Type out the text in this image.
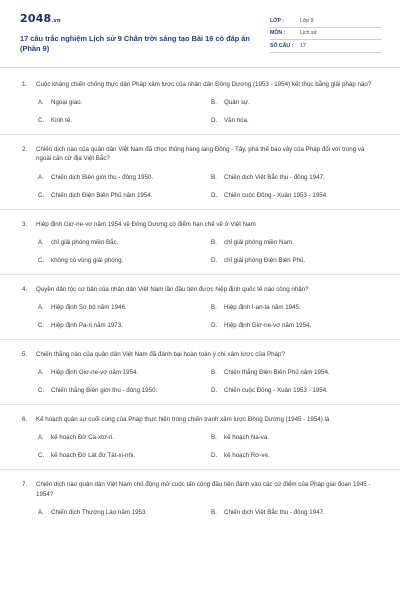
2048.vn
17 câu trắc nghiệm Lịch sử 9 Chân trời sáng tạo Bài 16 có đáp án (Phần 9)
LỚP :	Lớp 9
MÔN :	Lịch sử
SỐ CÂU :	17
1.	Cuộc kháng chiến chống thực dân Pháp xâm lược của nhân dân Đông Dương (1953 - 1954) kết thúc bằng giải pháp nào?
A.	Ngoại giao.	B.	Quân sự.
C.	Kinh tế.	D.	Văn hóa.
2.	Chiến dịch nào của quân dân Việt Nam đã chọc thủng hàng lang Đông - Tây, phá thế bao vây của Pháp đối với trong và ngoài căn cứ địa Việt Bắc?
A.	Chiến dịch Biên giới thu - đông 1950.	B.	Chiến dịch Việt Bắc thu - đông 1947.
C.	Chiến dịch Điện Biên Phủ năm 1954.	D.	Chiến cuộc Đông - Xuân 1953 - 1954.
3.	Hiệp định Giơ-ne-vơ năm 1954 về Đông Dương có điểm hạn chế về ở Việt Nam
A.	chỉ giải phóng miền Bắc.	B.	chỉ giải phóng miền Nam.
C.	không có vùng giải phóng.	D.	chỉ giải phóng Điện Biên Phủ.
4.	Quyền dân tộc cơ bản của nhân dân Việt Nam lần đầu tiên được hiệp định quốc tế nào công nhận?
A.	Hiệp định Sơ bộ năm 1946.	B.	Hiệp định I-an-ta năm 1945.
C.	Hiệp định Pa-ri năm 1973.	D.	Hiệp định Giơ-ne-vơ năm 1954.
5.	Chiến thắng nào của quân dân Việt Nam đã đánh bại hoàn toàn ý chí xâm lược của Pháp?
A.	Hiệp định Giơ-ne-vơ năm 1954.	B.	Chiến thắng Điện Biên Phủ năm 1954.
C.	Chiến thắng Biên giới thu - đông 1950.	D.	Chiến cuộc Đông - Xuân 1953 - 1954.
6.	Kế hoạch quân sự cuối cùng của Pháp thực hiện trong chiến tranh xâm lược Đông Dương (1945 - 1954) là
A.	kế hoạch Đờ Ca-xtơ-ri.	B.	kế hoạch Na-va.
C.	kế hoạch Đờ Lát đơ Tát-xi-nhi.	D.	kế hoạch Rơ-ve.
7.	Chiến dịch nào quân dân Việt Nam chủ động mở cuộc tấn công đầu tiên đánh vào các cứ điểm của Pháp giai đoạn 1945 - 1954?
A.	Chiến dịch Thượng Lào năm 1953.	B.	Chiến dịch Việt Bắc thu - đông 1947.
